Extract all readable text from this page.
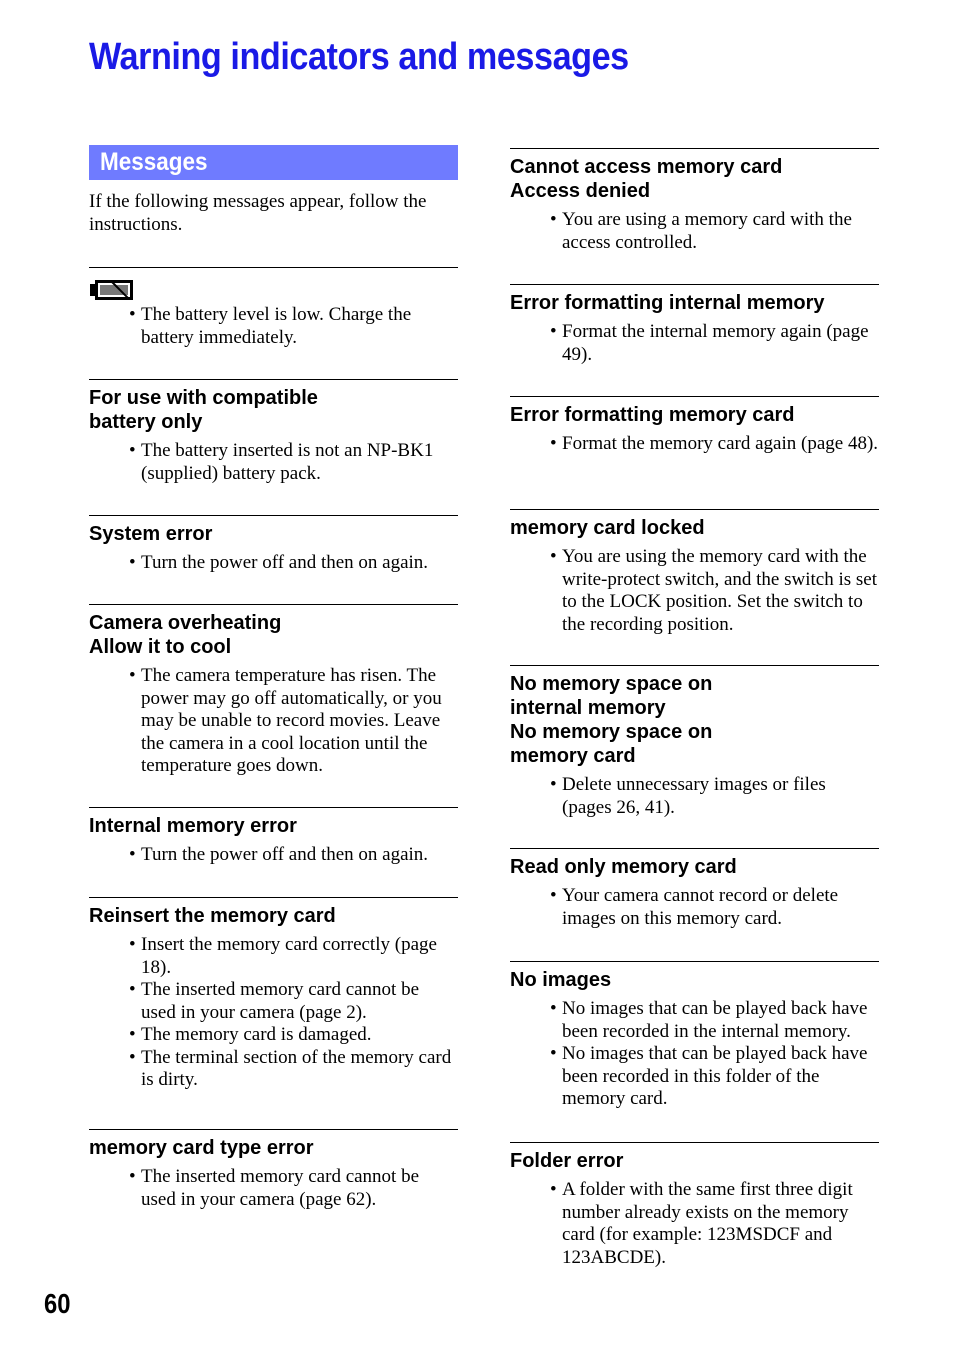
Warning indicators and messages
Messages
If the following messages appear, follow the instructions.
• The battery level is low. Charge the battery immediately.
For use with compatible
battery only
• The battery inserted is not an NP-BK1 (supplied) battery pack.
System error
• Turn the power off and then on again.
Camera overheating
Allow it to cool
• The camera temperature has risen. The power may go off automatically, or you may be unable to record movies. Leave the camera in a cool location until the temperature goes down.
Internal memory error
• Turn the power off and then on again.
Reinsert the memory card
• Insert the memory card correctly (page 18).
• The inserted memory card cannot be used in your camera (page 2).
• The memory card is damaged.
• The terminal section of the memory card is dirty.
memory card type error
• The inserted memory card cannot be used in your camera (page 62).
Cannot access memory card
Access denied
• You are using a memory card with the access controlled.
Error formatting internal memory
• Format the internal memory again (page 49).
Error formatting memory card
• Format the memory card again (page 48).
memory card locked
• You are using the memory card with the write-protect switch, and the switch is set to the LOCK position. Set the switch to the recording position.
No memory space on
internal memory
No memory space on
memory card
• Delete unnecessary images or files (pages 26, 41).
Read only memory card
• Your camera cannot record or delete images on this memory card.
No images
• No images that can be played back have been recorded in the internal memory.
• No images that can be played back have been recorded in this folder of the memory card.
Folder error
• A folder with the same first three digit number already exists on the memory card (for example: 123MSDCF and 123ABCDE).
60
